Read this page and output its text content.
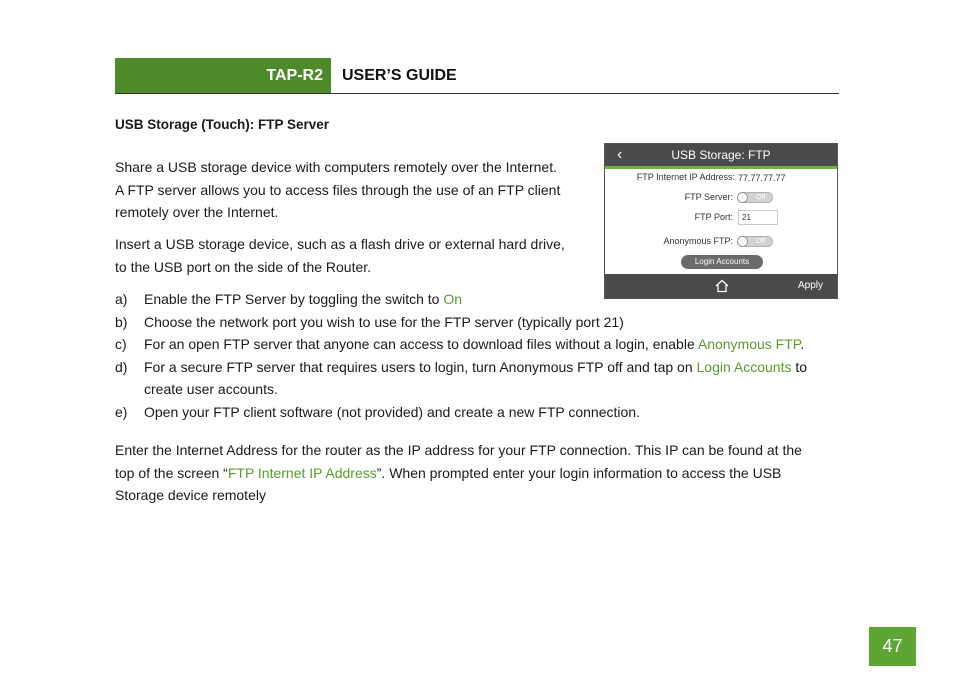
TAP-R2 USER’S GUIDE
USB Storage (Touch): FTP Server

Share a USB storage device with computers remotely over the Internet.
A FTP server allows you to access files through the use of an FTP client
remotely over the Internet.

Insert a USB storage device, such as a flash drive or external hard drive,
to the USB port on the side of the Router.

a) Enable the FTP Server by toggling the switch to On
b) Choose the network port you wish to use for the FTP server (typically port 21)
c) For an open FTP server that anyone can access to download files without a login, enable Anonymous FTP.
d) For a secure FTP server that requires users to login, turn Anonymous FTP off and tap on Login Accounts to create user accounts.
e) Open your FTP client software (not provided) and create a new FTP connection.

Enter the Internet Address for the router as the IP address for your FTP connection. This IP can be found at the
top of the screen “FTP Internet IP Address”. When prompted enter your login information to access the USB
Storage device remotely

‹	USB Storage: FTP
FTP Internet IP Address: 77.77.77.77
FTP Server:	Off
FTP Port:	21
Anonymous FTP:	Off
Login Accounts
Apply
47
